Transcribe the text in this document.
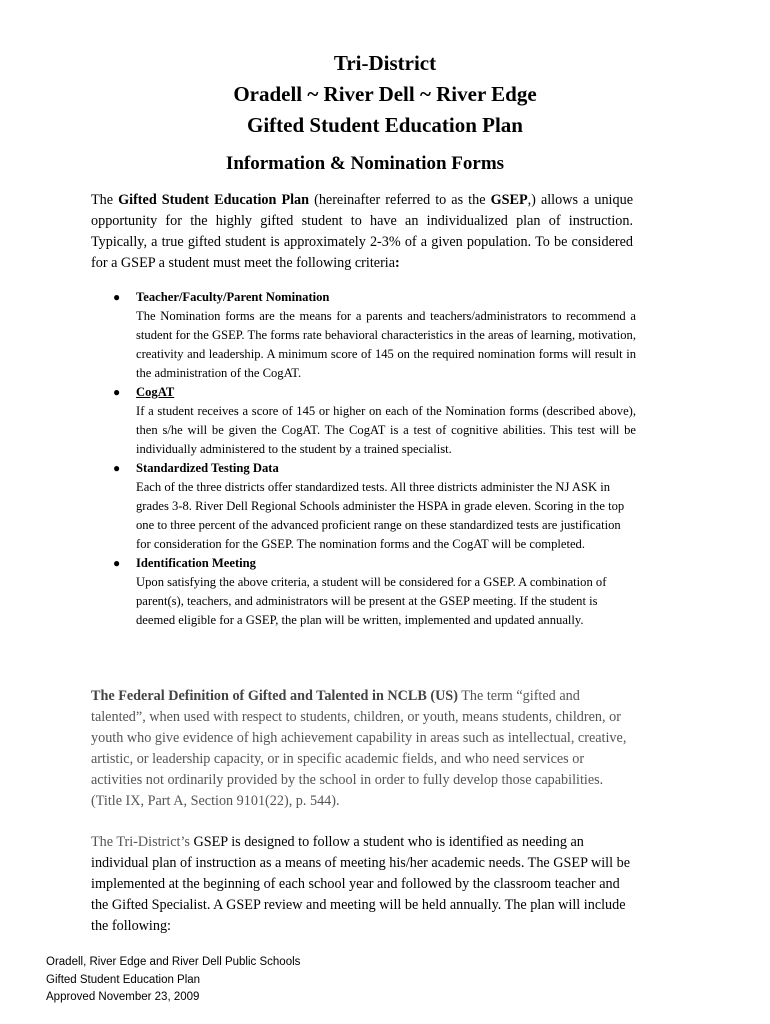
Tri-District
Oradell ~ River Dell ~ River Edge
Gifted Student Education Plan
Information & Nomination Forms

The Gifted Student Education Plan (hereinafter referred to as the GSEP,) allows a unique opportunity for the highly gifted student to have an individualized plan of instruction. Typically, a true gifted student is approximately 2-3% of a given population. To be considered for a GSEP a student must meet the following criteria:

● Teacher/Faculty/Parent Nomination
The Nomination forms are the means for a parents and teachers/administrators to recommend a student for the GSEP. The forms rate behavioral characteristics in the areas of learning, motivation, creativity and leadership. A minimum score of 145 on the required nomination forms will result in the administration of the CogAT.
● CogAT
If a student receives a score of 145 or higher on each of the Nomination forms (described above), then s/he will be given the CogAT. The CogAT is a test of cognitive abilities. This test will be individually administered to the student by a trained specialist.
● Standardized Testing Data
Each of the three districts offer standardized tests. All three districts administer the NJ ASK in grades 3-8. River Dell Regional Schools administer the HSPA in grade eleven. Scoring in the top one to three percent of the advanced proficient range on these standardized tests are justification for consideration for the GSEP. The nomination forms and the CogAT will be completed.
● Identification Meeting
Upon satisfying the above criteria, a student will be considered for a GSEP. A combination of parent(s), teachers, and administrators will be present at the GSEP meeting. If the student is deemed eligible for a GSEP, the plan will be written, implemented and updated annually.

The Federal Definition of Gifted and Talented in NCLB (US) The term “gifted and talented”, when used with respect to students, children, or youth, means students, children, or youth who give evidence of high achievement capability in areas such as intellectual, creative, artistic, or leadership capacity, or in specific academic fields, and who need services or activities not ordinarily provided by the school in order to fully develop those capabilities.(Title IX, Part A, Section 9101(22), p. 544).

The Tri-District’s GSEP is designed to follow a student who is identified as needing an individual plan of instruction as a means of meeting his/her academic needs. The GSEP will be implemented at the beginning of each school year and followed by the classroom teacher and the Gifted Specialist. A GSEP review and meeting will be held annually. The plan will include the following:

Oradell, River Edge and River Dell Public Schools
Gifted Student Education Plan
Approved November 23, 2009
